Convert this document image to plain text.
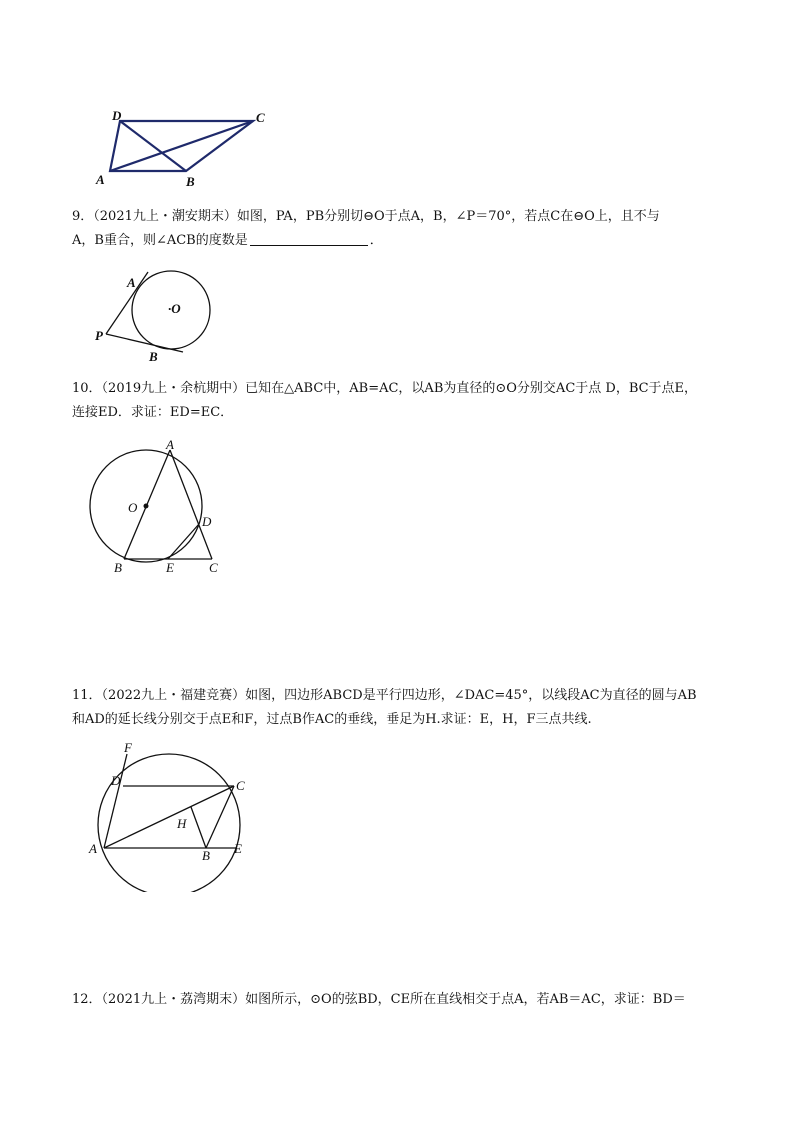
D	C
A	B
9．（2021九上・潮安期末）如图，PA，PB分别切⊖O于点A，B，∠P＝70°，若点C在⊖O上，且不与
A，B重合，则∠ACB的度数是	．
A
·O
P
B
10．（2019九上・余杭期中）已知在△ABC中，AB=AC，以AB为直径的⊙O分别交AC于点 D，BC于点E，
连接ED．求证：ED=EC．
A
O
D
B	E	C
11．（2022九上・福建竞赛）如图，四边形ABCD是平行四边形，∠DAC=45°，以线段AC为直径的圆与AB
和AD的延长线分别交于点E和F，过点B作AC的垂线，垂足为H.求证：E，H，F三点共线.
F
D	C
H
A	B E
12．（2021九上・荔湾期末）如图所示，⊙O的弦BD，CE所在直线相交于点A，若AB＝AC，求证：BD＝
